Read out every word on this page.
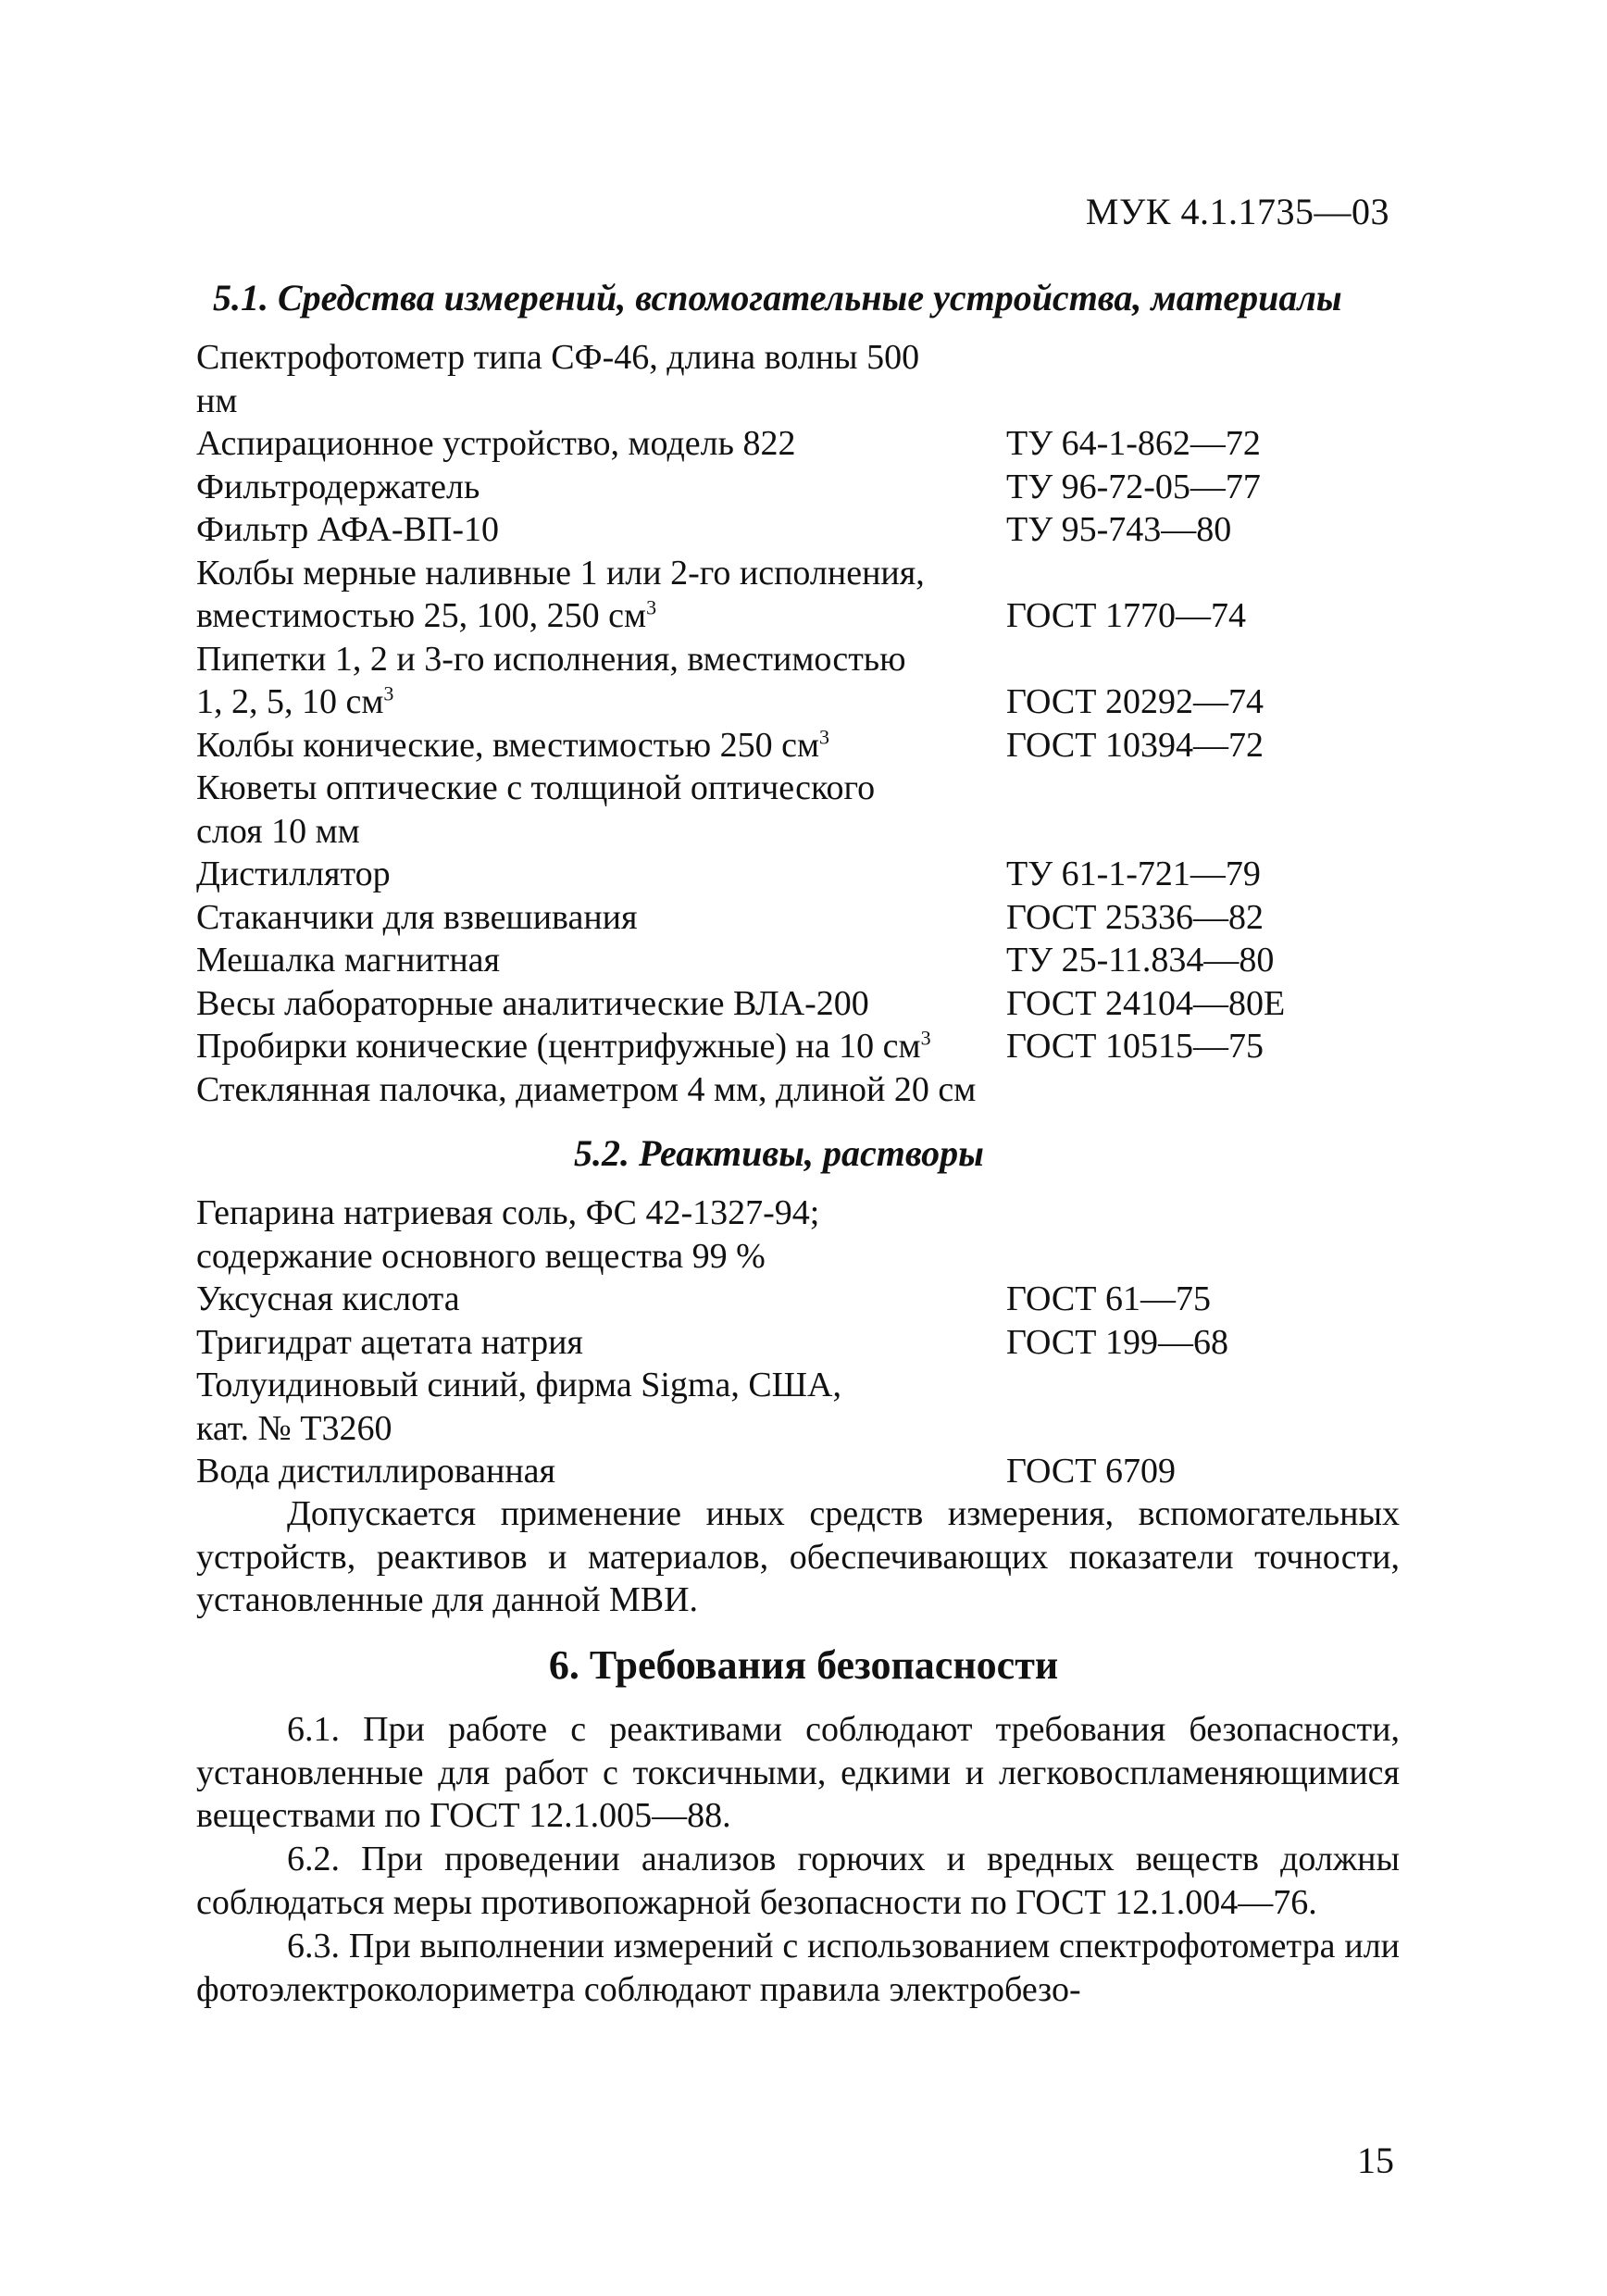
МУК 4.1.1735—03
5.1. Средства измерений, вспомогательные устройства, материалы
Спектрофотометр типа СФ-46, длина волны 500
нм
Аспирационное устройство, модель 822	ТУ 64-1-862—72
Фильтродержатель	ТУ 96-72-05—77
Фильтр АФА-ВП-10	ТУ 95-743—80
Колбы мерные наливные 1 или 2-го исполнения,
вместимостью 25, 100, 250 $см^3$	ГОСТ 1770—74
Пипетки 1, 2 и 3-го исполнения, вместимостью
1, 2, 5, 10 $см^3$	ГОСТ 20292—74
Колбы конические, вместимостью 250 $см^3$	ГОСТ 10394—72
Кюветы оптические с толщиной оптического
слоя 10 мм
Дистиллятор	ТУ 61-1-721—79
Стаканчики для взвешивания	ГОСТ 25336—82
Мешалка магнитная	ТУ 25-11.834—80
Весы лабораторные аналитические ВЛА-200	ГОСТ 24104—80Е
Пробирки конические (центрифужные) на 10 $см^3$	ГОСТ 10515—75
Стеклянная палочка, диаметром 4 мм, длиной 20 см
5.2. Реактивы, растворы
Гепарина натриевая соль, ФС 42-1327-94;
содержание основного вещества 99 %
Уксусная кислота	ГОСТ 61—75
Тригидрат ацетата натрия	ГОСТ 199—68
Толуидиновый синий, фирма Sigma, США,
кат. № Т3260
Вода дистиллированная	ГОСТ 6709
Допускается применение иных средств измерения, вспомогательных устройств, реактивов и материалов, обеспечивающих показатели точности, установленные для данной МВИ.
6. Требования безопасности
6.1. При работе с реактивами соблюдают требования безопасности, установленные для работ с токсичными, едкими и легковоспламеняющимися веществами по ГОСТ 12.1.005—88.
6.2. При проведении анализов горючих и вредных веществ должны соблюдаться меры противопожарной безопасности по ГОСТ 12.1.004—76.
6.3. При выполнении измерений с использованием спектрофотометра или фотоэлектроколориметра соблюдают правила электробезо-
15
